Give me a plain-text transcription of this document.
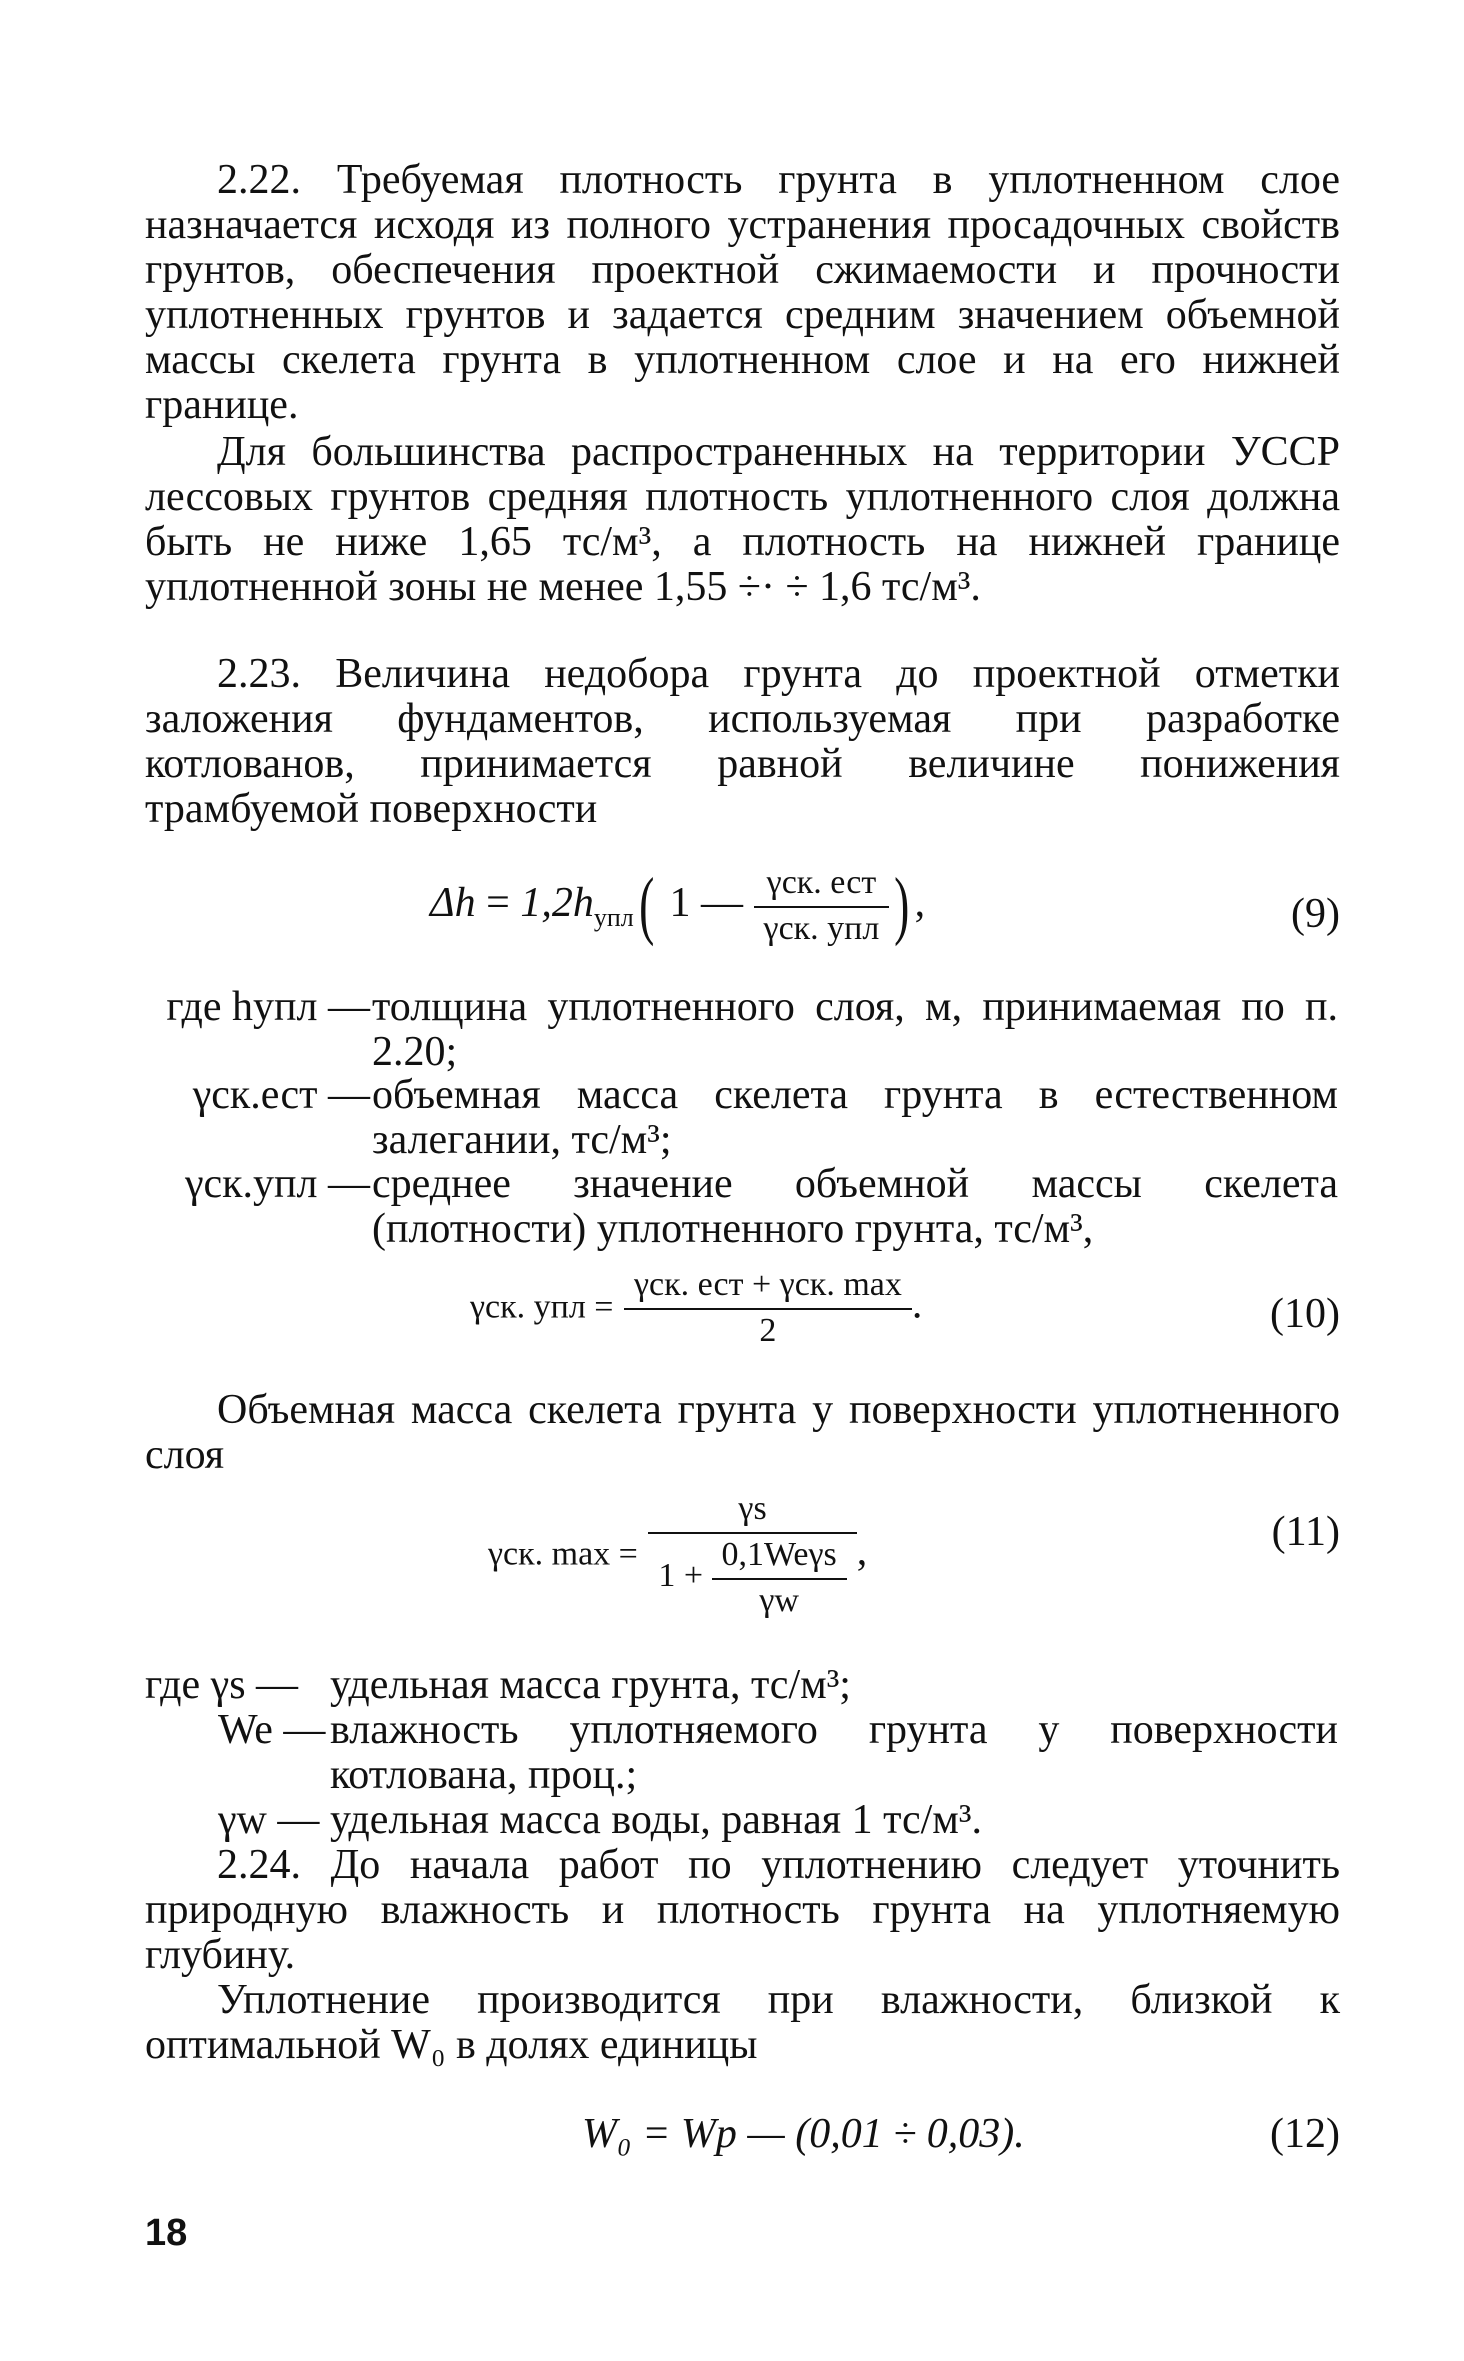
2.22. Требуемая плотность грунта в уплотненном слое назначается исходя из полного устранения просадочных свойств грунтов, обеспечения проектной сжимаемости и прочности уплотненных грунтов и задается средним значением объемной массы скелета грунта в уплотненном слое и на его нижней границе.
Для большинства распространенных на территории УССР лессовых грунтов средняя плотность уплотненного слоя должна быть не ниже 1,65 тс/м³, а плотность на нижней границе уплотненной зоны не менее 1,55 ÷· ÷ 1,6 тс/м³.
2.23. Величина недобора грунта до проектной отметки заложения фундаментов, используемая при разработке котлованов, принимается равной величине понижения трамбуемой поверхности
$\Delta h = 1,2h_{упл}$( 1 — $\frac{\text{γск. ест}}{\text{γск. упл}}$ ) ,	(9)
где hупл — толщина уплотненного слоя, м, принимаемая по п. 2.20;
γск.ест — объемная масса скелета грунта в естественном залегании, тс/м³;
γск.упл — среднее значение объемной массы скелета (плотности) уплотненного грунта, тс/м³,
γск. упл = $\frac{\text{γск. ест + γск. max}}{2}$ .	(10)
Объемная масса скелета грунта у поверхности уплотненного слоя
γск. $\max = \frac{\gamma s}{1 + \frac{\text{0,1Weγs}}{\gamma w}}$ ,	(11)
где γs — удельная масса грунта, тс/м³;
We — влажность уплотняемого грунта у поверхности котлована, проц.;
γw — удельная масса воды, равная 1 тс/м³.
2.24. До начала работ по уплотнению следует уточнить природную влажность и плотность грунта на уплотняемую глубину.
Уплотнение производится при влажности, близкой к оптимальной W₀ в долях единицы
W₀ = Wp — (0,01 ÷ 0,03).	(12)
18
